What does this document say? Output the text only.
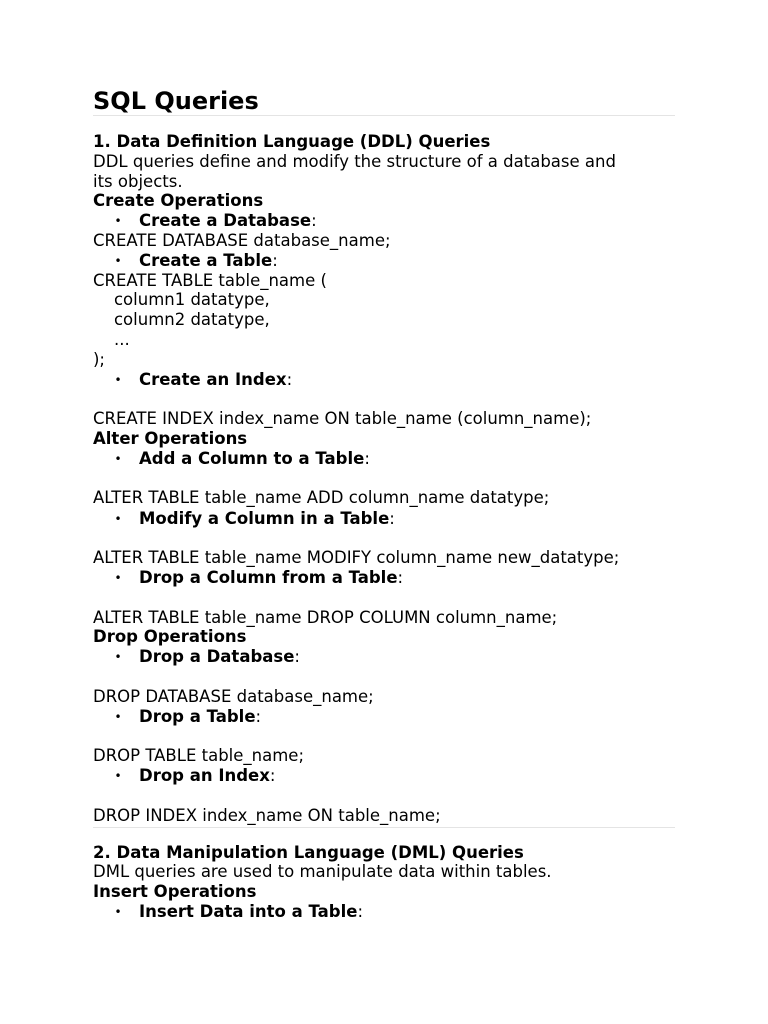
SQL Queries
1. Data Definition Language (DDL) Queries
DDL queries define and modify the structure of a database and
its objects.
Create Operations
• Create a Database:
CREATE DATABASE database_name;
• Create a Table:
CREATE TABLE table_name (
column1 datatype,
column2 datatype,
...
);
• Create an Index:
CREATE INDEX index_name ON table_name (column_name);
Alter Operations
• Add a Column to a Table:
ALTER TABLE table_name ADD column_name datatype;
• Modify a Column in a Table:
ALTER TABLE table_name MODIFY column_name new_datatype;
• Drop a Column from a Table:
ALTER TABLE table_name DROP COLUMN column_name;
Drop Operations
• Drop a Database:
DROP DATABASE database_name;
• Drop a Table:
DROP TABLE table_name;
• Drop an Index:
DROP INDEX index_name ON table_name;
2. Data Manipulation Language (DML) Queries
DML queries are used to manipulate data within tables.
Insert Operations
• Insert Data into a Table:
